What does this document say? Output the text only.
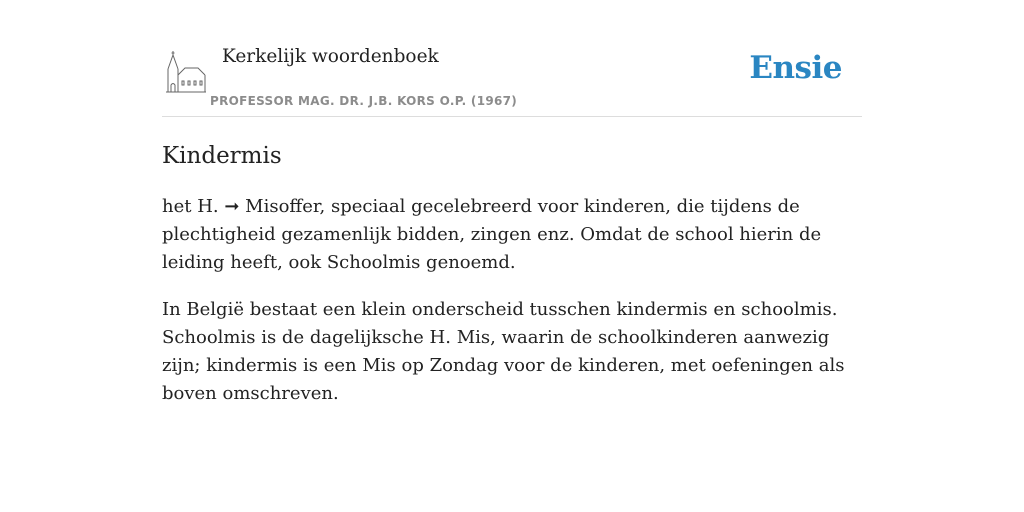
Kerkelijk woordenboek
PROFESSOR MAG. DR. J.B. KORS O.P. (1967)
Ensie
Kindermis

het H. ➞ Misoffer, speciaal gecelebreerd voor kinderen, die tijdens de plechtigheid gezamenlijk bidden, zingen enz. Omdat de school hierin de leiding heeft, ook Schoolmis genoemd.

In België bestaat een klein onderscheid tusschen kindermis en schoolmis. Schoolmis is de dagelijksche H. Mis, waarin de schoolkinderen aanwezig zijn; kindermis is een Mis op Zondag voor de kinderen, met oefeningen als boven omschreven.
